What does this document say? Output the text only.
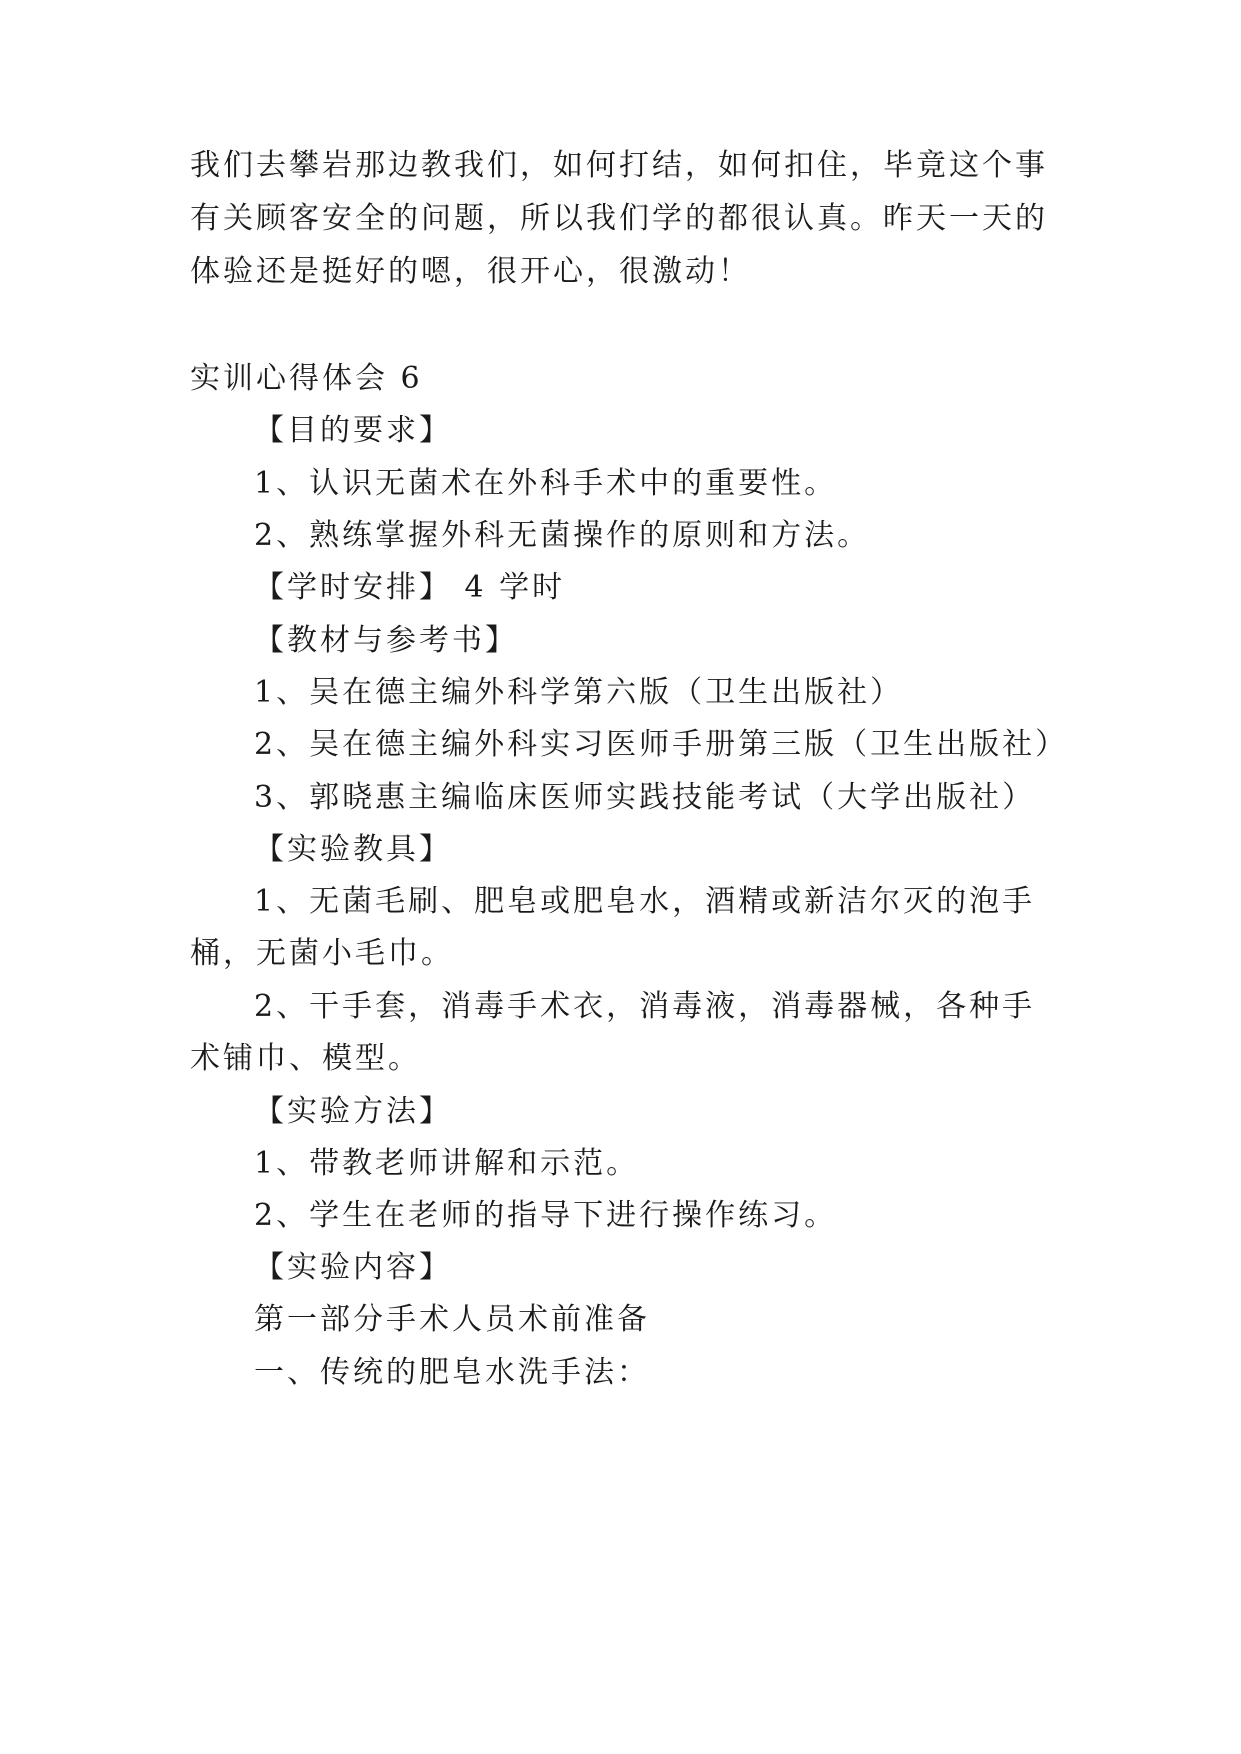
我们去攀岩那边教我们，如何打结，如何扣住，毕竟这个事
有关顾客安全的问题，所以我们学的都很认真。昨天一天的
体验还是挺好的嗯，很开心，很激动！
实训心得体会 6
【目的要求】
1、认识无菌术在外科手术中的重要性。
2、熟练掌握外科无菌操作的原则和方法。
【学时安排】 4 学时
【教材与参考书】
1、吴在德主编外科学第六版（卫生出版社）
2、吴在德主编外科实习医师手册第三版（卫生出版社）
3、郭晓惠主编临床医师实践技能考试（大学出版社）
【实验教具】
1、无菌毛刷、肥皂或肥皂水，酒精或新洁尔灭的泡手
桶，无菌小毛巾。
2、干手套，消毒手术衣，消毒液，消毒器械，各种手
术铺巾、模型。
【实验方法】
1、带教老师讲解和示范。
2、学生在老师的指导下进行操作练习。
【实验内容】
第一部分手术人员术前准备
一、传统的肥皂水洗手法：
